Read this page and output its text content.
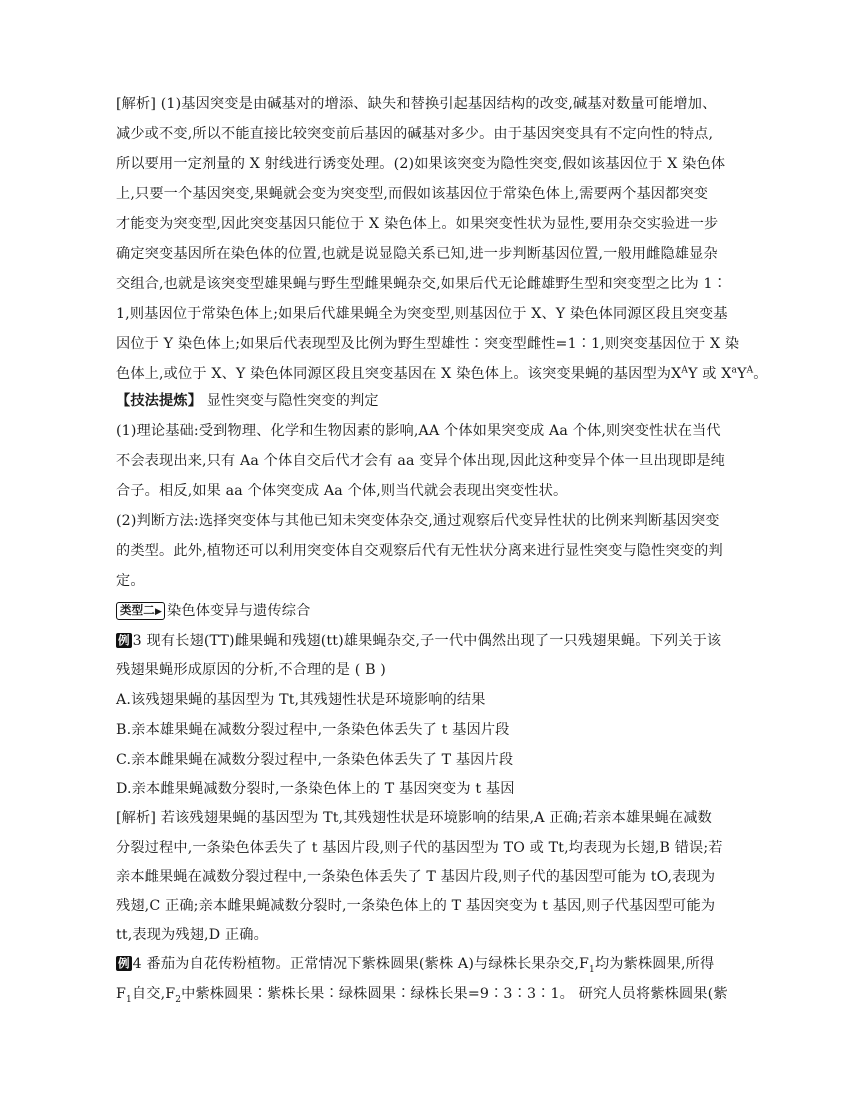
[解析] (1)基因突变是由碱基对的增添、缺失和替换引起基因结构的改变,碱基对数量可能增加、
减少或不变,所以不能直接比较突变前后基因的碱基对多少。由于基因突变具有不定向性的特点,
所以要用一定剂量的 X 射线进行诱变处理。(2)如果该突变为隐性突变,假如该基因位于 X 染色体
上,只要一个基因突变,果蝇就会变为突变型,而假如该基因位于常染色体上,需要两个基因都突变
才能变为突变型,因此突变基因只能位于 X 染色体上。如果突变性状为显性,要用杂交实验进一步
确定突变基因所在染色体的位置,也就是说显隐关系已知,进一步判断基因位置,一般用雌隐雄显杂
交组合,也就是该突变型雄果蝇与野生型雌果蝇杂交,如果后代无论雌雄野生型和突变型之比为 1∶
1,则基因位于常染色体上;如果后代雄果蝇全为突变型,则基因位于 X、Y 染色体同源区段且突变基
因位于 Y 染色体上;如果后代表现型及比例为野生型雄性∶突变型雌性=1∶1,则突变基因位于 X 染
色体上,或位于 X、Y 染色体同源区段且突变基因在 X 染色体上。该突变果蝇的基因型为$X^AY$ 或 $X^aY^A$。
【技法提炼】 显性突变与隐性突变的判定
(1)理论基础:受到物理、化学和生物因素的影响,AA 个体如果突变成 Aa 个体,则突变性状在当代
不会表现出来,只有 Aa 个体自交后代才会有 aa 变异个体出现,因此这种变异个体一旦出现即是纯
合子。相反,如果 aa 个体突变成 Aa 个体,则当代就会表现出突变性状。
(2)判断方法:选择突变体与其他已知未突变体杂交,通过观察后代变异性状的比例来判断基因突变
的类型。此外,植物还可以利用突变体自交观察后代有无性状分离来进行显性突变与隐性突变的判
定。
类型二▶ 染色体变异与遗传综合
例 3 现有长翅(TT)雌果蝇和残翅(tt)雄果蝇杂交,子一代中偶然出现了一只残翅果蝇。下列关于该
残翅果蝇形成原因的分析,不合理的是 ( B )
A.该残翅果蝇的基因型为 Tt,其残翅性状是环境影响的结果
B.亲本雄果蝇在减数分裂过程中,一条染色体丢失了 t 基因片段
C.亲本雌果蝇在减数分裂过程中,一条染色体丢失了 T 基因片段
D.亲本雌果蝇减数分裂时,一条染色体上的 T 基因突变为 t 基因
[解析] 若该残翅果蝇的基因型为 Tt,其残翅性状是环境影响的结果,A 正确;若亲本雄果蝇在减数
分裂过程中,一条染色体丢失了 t 基因片段,则子代的基因型为 TO 或 Tt,均表现为长翅,B 错误;若
亲本雌果蝇在减数分裂过程中,一条染色体丢失了 T 基因片段,则子代的基因型可能为 tO,表现为
残翅,C 正确;亲本雌果蝇减数分裂时,一条染色体上的 T 基因突变为 t 基因,则子代基因型可能为
tt,表现为残翅,D 正确。
例 4 番茄为自花传粉植物。正常情况下紫株圆果(紫株 A)与绿株长果杂交$,F_1$均为紫株圆果,所得
$F_1$自交$,F_2$中紫株圆果∶紫株长果∶绿株圆果∶绿株长果=9∶3∶3∶1。 研究人员将紫株圆果(紫
